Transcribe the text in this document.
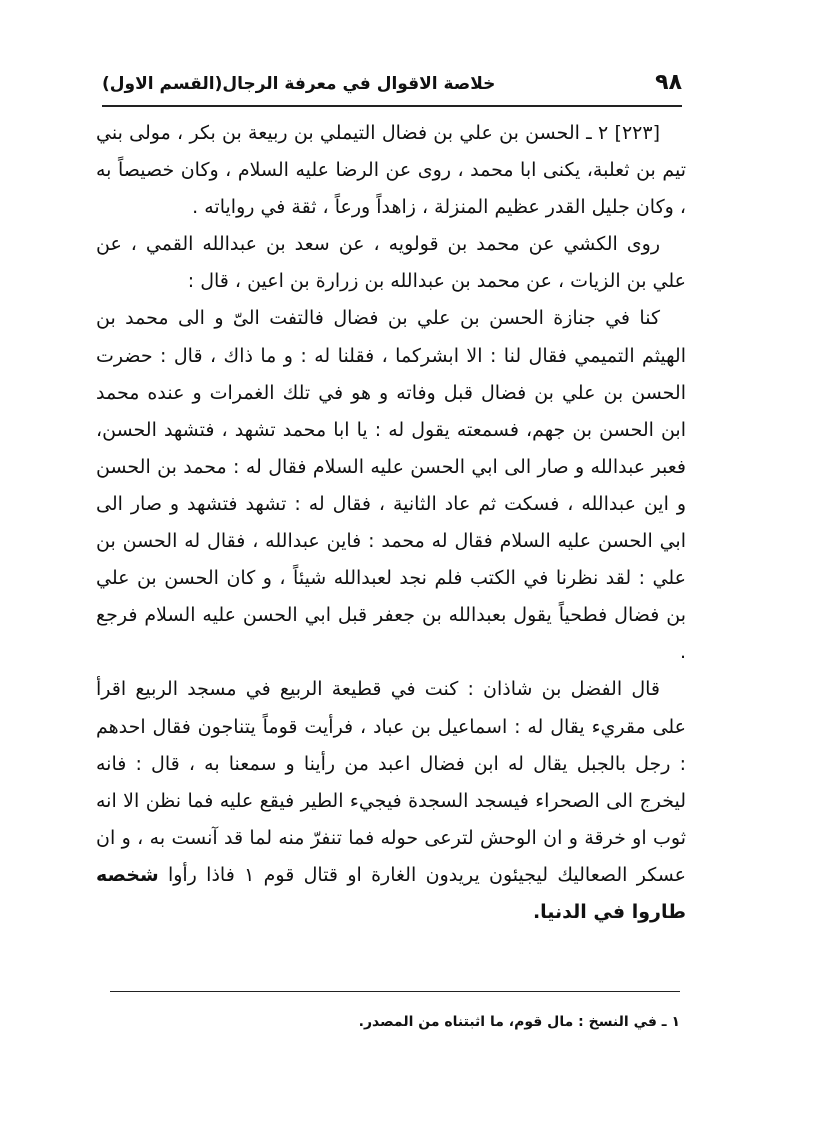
٩٨
خلاصة الاقوال في معرفة الرجال(القسم الاول)

[٢٢٣] ٢ ـ الحسن بن علي بن فضال التيملي بن ربيعة بن بكر ، مولى بني تيم بن ثعلبة، يكنى ابا محمد ، روى عن الرضا عليه السلام ، وكان خصيصاً به ، وكان جليل القدر عظيم المنزلة ، زاهداً ورعاً ، ثقة في رواياته .

روى الكشي عن محمد بن قولويه ، عن سعد بن عبدالله القمي ، عن علي بن الزيات ، عن محمد بن عبدالله بن زرارة بن اعين ، قال :

كنا في جنازة الحسن بن علي بن فضال فالتفت الىّ و الى محمد بن الهيثم التميمي فقال لنا : الا ابشركما ، فقلنا له : و ما ذاك ، قال : حضرت الحسن بن علي بن فضال قبل وفاته و هو في تلك الغمرات و عنده محمد ابن الحسن بن جهم، فسمعته يقول له : يا ابا محمد تشهد ، فتشهد الحسن، فعبر عبدالله و صار الى ابي الحسن عليه السلام فقال له : محمد بن الحسن و اين عبدالله ، فسكت ثم عاد الثانية ، فقال له : تشهد فتشهد و صار الى ابي الحسن عليه السلام فقال له محمد : فاين عبدالله ، فقال له الحسن بن علي : لقد نظرنا في الكتب فلم نجد لعبدالله شيئاً ، و كان الحسن بن علي بن فضال فطحياً يقول بعبدالله بن جعفر قبل ابي الحسن عليه السلام فرجع .

قال الفضل بن شاذان : كنت في قطيعة الربيع في مسجد الربيع اقرأ على مقريء يقال له : اسماعيل بن عباد ، فرأيت قوماً يتناجون فقال احدهم : رجل بالجبل يقال له ابن فضال اعبد من رأينا و سمعنا به ، قال : فانه ليخرج الى الصحراء فيسجد السجدة فيجيء الطير فيقع عليه فما نظن الا انه ثوب او خرقة و ان الوحش لترعى حوله فما تنفرّ منه لما قد آنست به ، و ان عسكر الصعاليك ليجيئون يريدون الغارة او قتال قوم ١ فاذا رأوا شخصه طاروا في الدنيا.

١ ـ في النسخ : مال قوم، ما اثبتناه من المصدر.
